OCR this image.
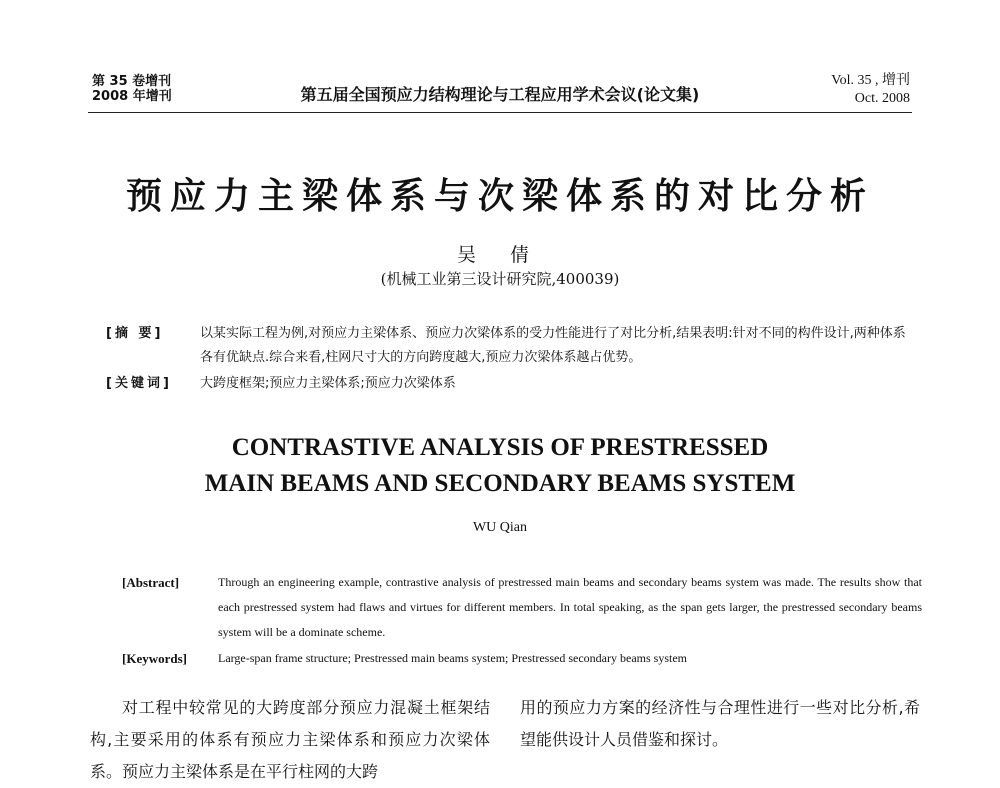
第 35 卷增刊
2008 年增刊	第五届全国预应力结构理论与工程应用学术会议(论文集)
Vol. 35 , 增刊
Oct. 2008
预应力主梁体系与次梁体系的对比分析
吴 倩
(机械工业第三设计研究院,400039)
[摘 要]	以某实际工程为例,对预应力主梁体系、预应力次梁体系的受力性能进行了对比分析,结果表明:针对不同的构件设计,两种体系各有优缺点.综合来看,柱网尺寸大的方向跨度越大,预应力次梁体系越占优势。
[关键词] 大跨度框架;预应力主梁体系;预应力次梁体系
CONTRASTIVE ANALYSIS OF PRESTRESSED
MAIN BEAMS AND SECONDARY BEAMS SYSTEM
WU Qian
[Abstract]	Through an engineering example, contrastive analysis of prestressed main beams and secondary beams system was made. The results show that each prestressed system had flaws and virtues for different members. In total speaking, as the span gets larger, the prestressed secondary beams system will be a dominate scheme.
[Keywords]	Large-span frame structure; Prestressed main beams system; Prestressed secondary beams system
对工程中较常见的大跨度部分预应力混凝土框架结构,主要采用的体系有预应力主梁体系和预应力次梁体系。预应力主梁体系是在平行柱网的大跨
用的预应力方案的经济性与合理性进行一些对比分析,希望能供设计人员借鉴和探讨。
